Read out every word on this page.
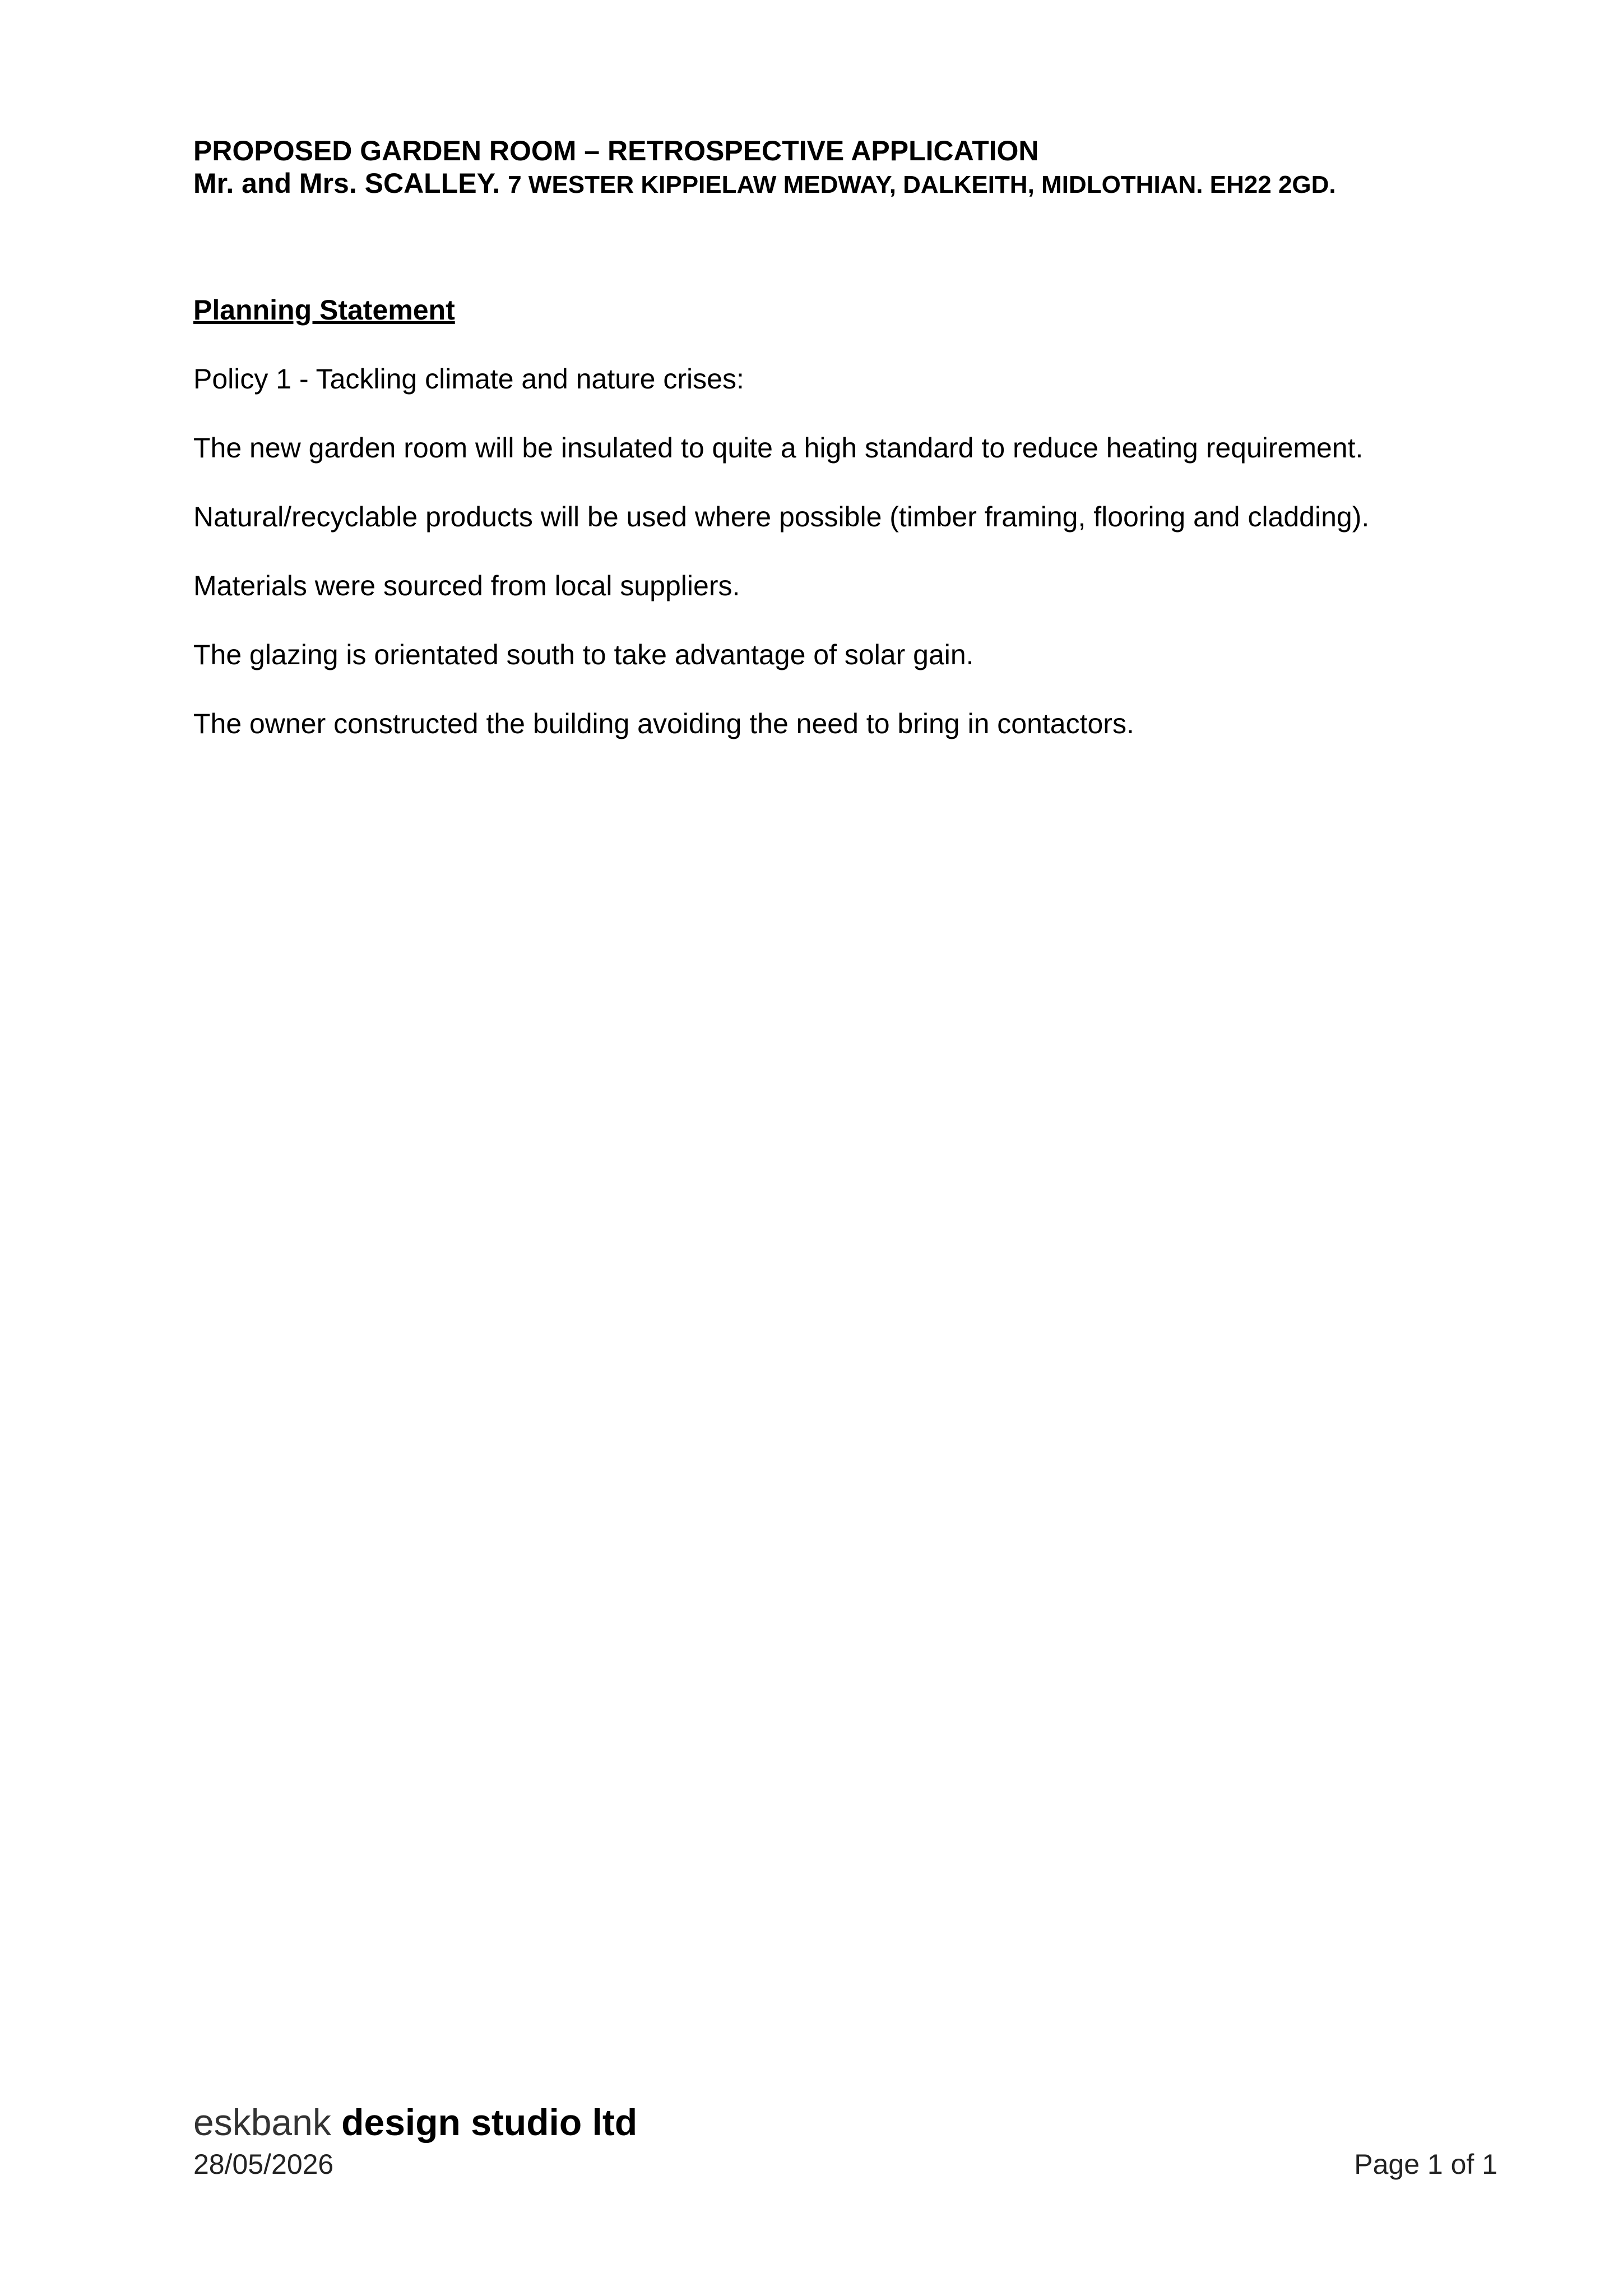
PROPOSED GARDEN ROOM – RETROSPECTIVE APPLICATION
Mr. and Mrs. SCALLEY. 7 WESTER KIPPIELAW MEDWAY, DALKEITH, MIDLOTHIAN. EH22 2GD.
Planning Statement

Policy 1 - Tackling climate and nature crises:

The new garden room will be insulated to quite a high standard to reduce heating requirement.

Natural/recyclable products will be used where possible (timber framing, flooring and cladding).

Materials were sourced from local suppliers.

The glazing is orientated south to take advantage of solar gain.

The owner constructed the building avoiding the need to bring in contactors.

eskbank design studio ltd
28/05/2026	Page 1 of 1
